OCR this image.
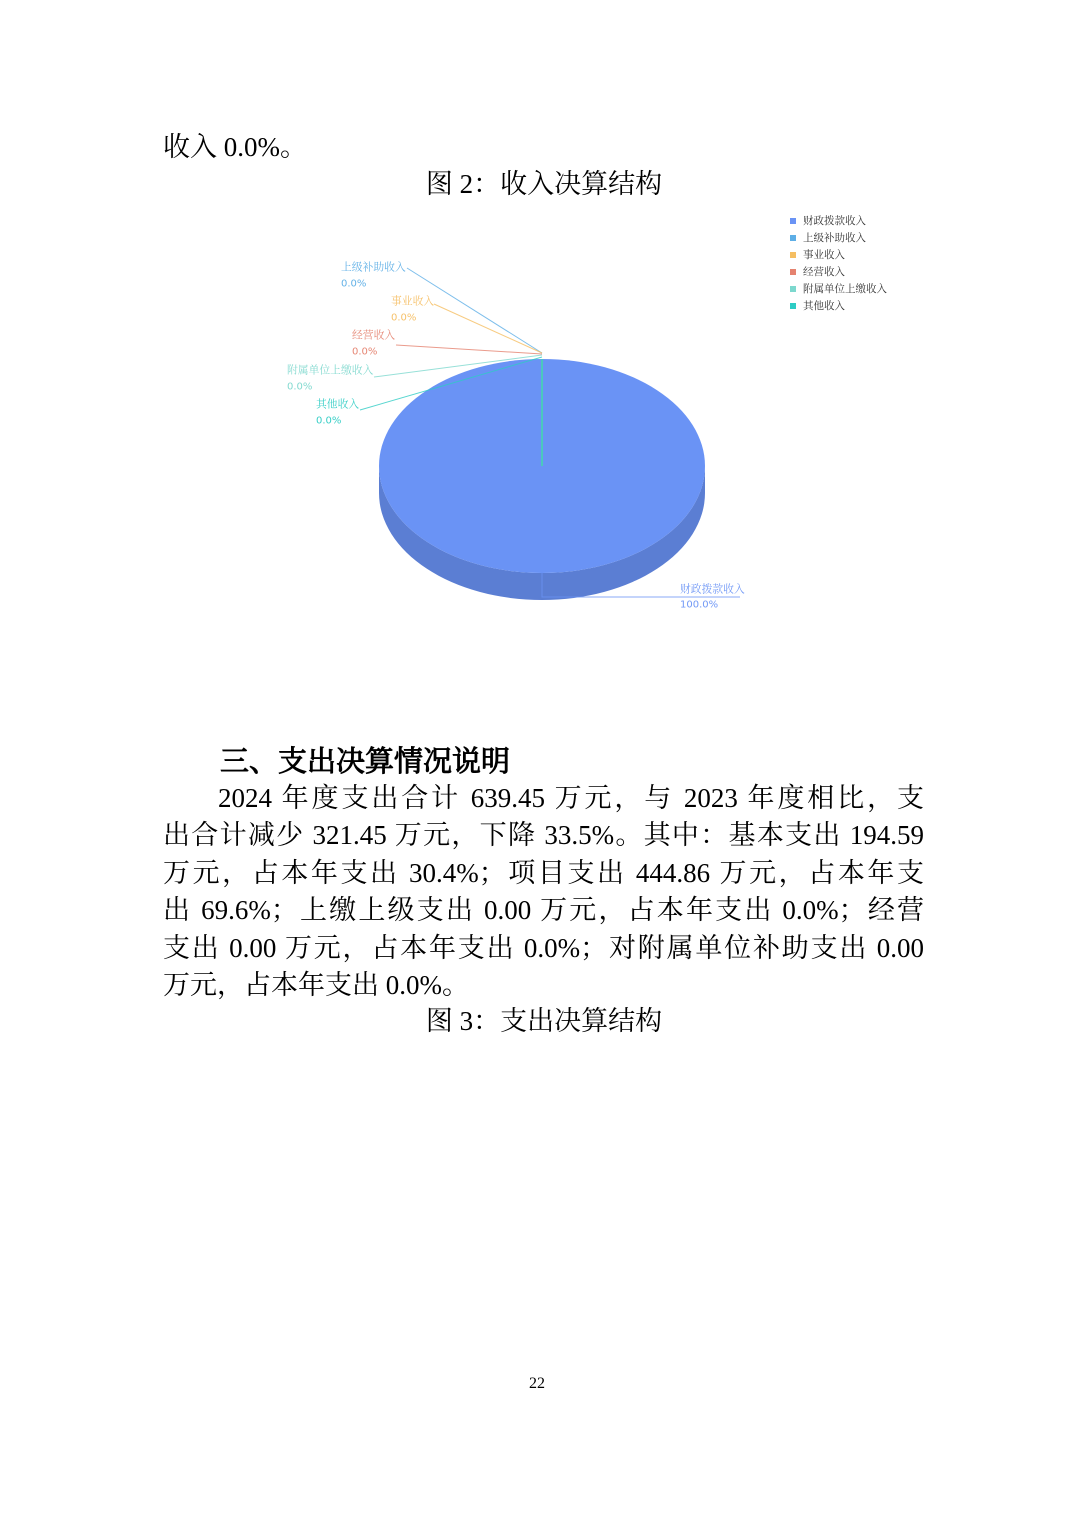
收入 0.0%。
图 2：收入决算结构
财政拨款收入
100.0%
上级补助收入
0.0%
事业收入
0.0%
经营收入
0.0%
附属单位上缴收入
0.0%
其他收入
0.0%
财政拨款收入
上级补助收入
事业收入
经营收入
附属单位上缴收入
其他收入
三、支出决算情况说明
2024 年度支出合计 639.45 万元，与 2023 年度相比，支
出合计减少 321.45 万元，下降 33.5%。其中：基本支出 194.59
万元，占本年支出 30.4%；项目支出 444.86 万元，占本年支
出 69.6%；上缴上级支出 0.00 万元，占本年支出 0.0%；经营
支出 0.00 万元，占本年支出 0.0%；对附属单位补助支出 0.00
万元，占本年支出 0.0%。
图 3：支出决算结构
22
